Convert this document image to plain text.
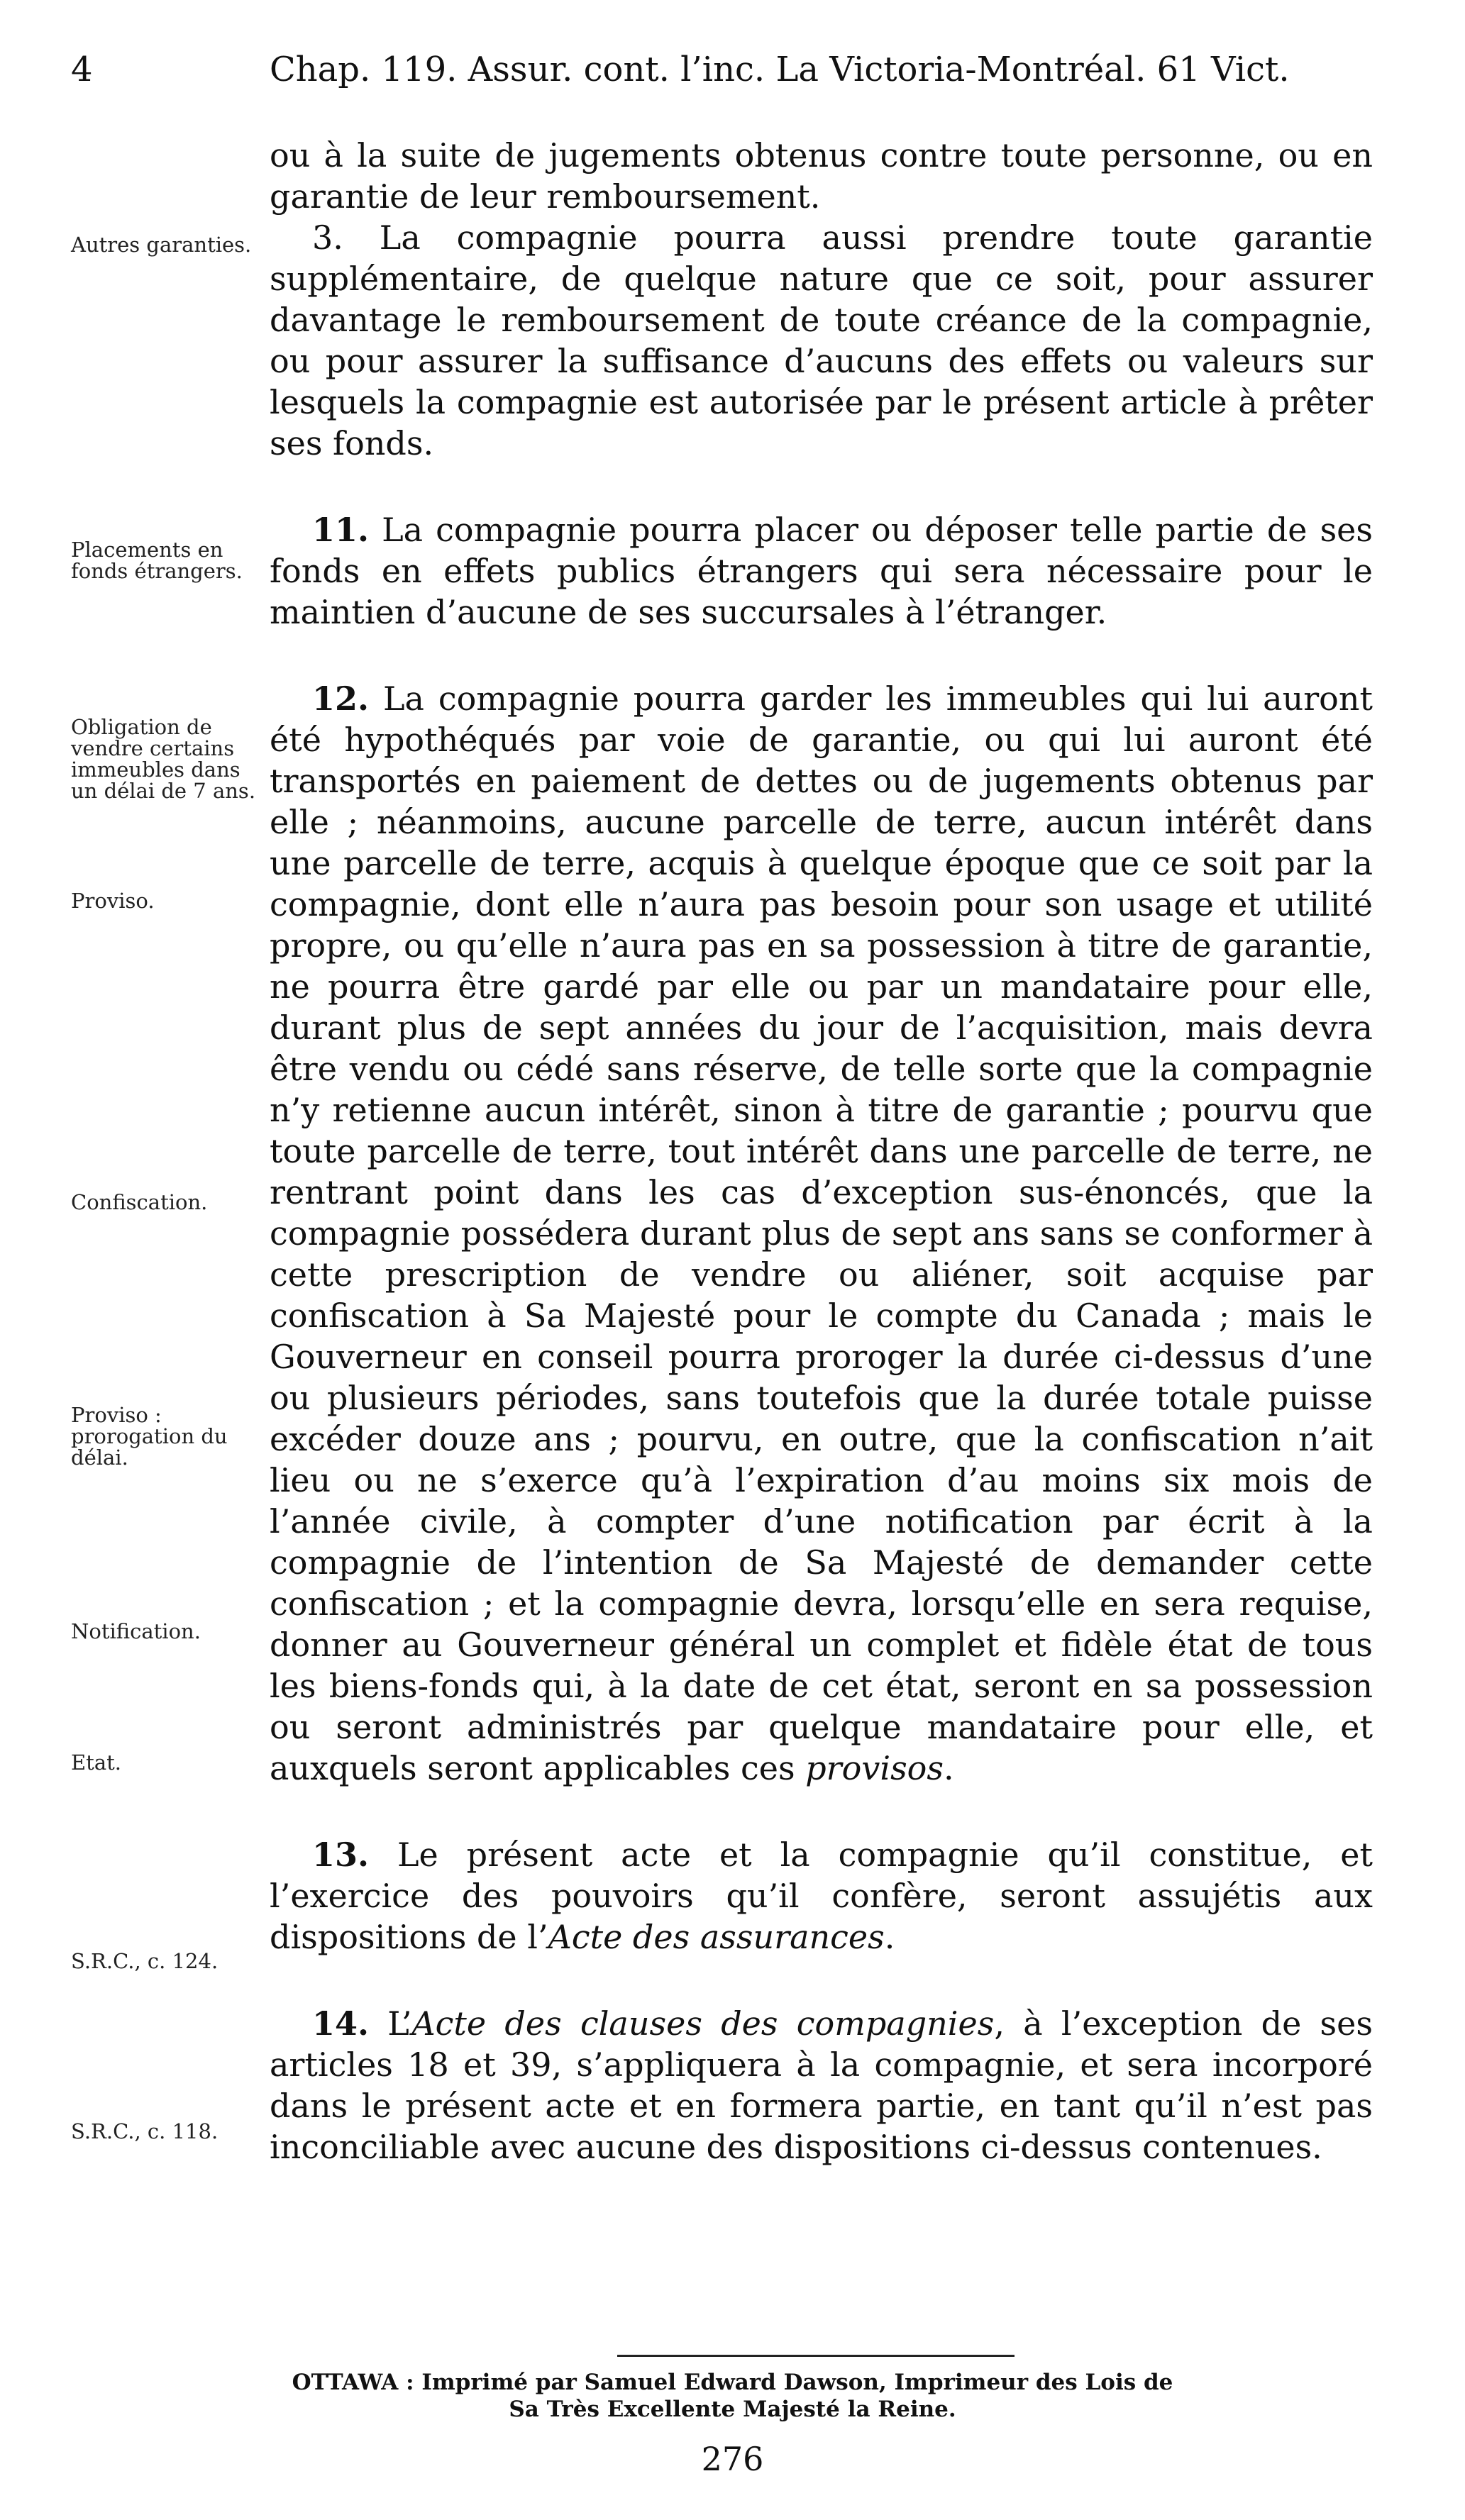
4	Chap. 119. Assur. cont. l’inc. La Victoria-Montréal. 61 Vict.
Autres garanties.
Placements en fonds étrangers.
Obligation de vendre certains immeubles dans un délai de 7 ans.
Proviso.
Confiscation.
Proviso : prorogation du délai.
Notification.
Etat.
S.R.C., c. 124.
S.R.C., c. 118.

ou à la suite de jugements obtenus contre toute personne, ou en garantie de leur remboursement.

3. La compagnie pourra aussi prendre toute garantie supplémentaire, de quelque nature que ce soit, pour assurer davantage le remboursement de toute créance de la compagnie, ou pour assurer la suffisance d’aucuns des effets ou valeurs sur lesquels la compagnie est autorisée par le présent article à prêter ses fonds.

11. La compagnie pourra placer ou déposer telle partie de ses fonds en effets publics étrangers qui sera nécessaire pour le maintien d’aucune de ses succursales à l’étranger.

12. La compagnie pourra garder les immeubles qui lui auront été hypothéqués par voie de garantie, ou qui lui auront été transportés en paiement de dettes ou de jugements obtenus par elle ; néanmoins, aucune parcelle de terre, aucun intérêt dans une parcelle de terre, acquis à quelque époque que ce soit par la compagnie, dont elle n’aura pas besoin pour son usage et utilité propre, ou qu’elle n’aura pas en sa possession à titre de garantie, ne pourra être gardé par elle ou par un mandataire pour elle, durant plus de sept années du jour de l’acquisition, mais devra être vendu ou cédé sans réserve, de telle sorte que la compagnie n’y retienne aucun intérêt, sinon à titre de garantie ; pourvu que toute parcelle de terre, tout intérêt dans une parcelle de terre, ne rentrant point dans les cas d’exception sus-énoncés, que la compagnie possédera durant plus de sept ans sans se conformer à cette prescription de vendre ou aliéner, soit acquise par confiscation à Sa Majesté pour le compte du Canada ; mais le Gouverneur en conseil pourra proroger la durée ci-dessus d’une ou plusieurs périodes, sans toutefois que la durée totale puisse excéder douze ans ; pourvu, en outre, que la confiscation n’ait lieu ou ne s’exerce qu’à l’expiration d’au moins six mois de l’année civile, à compter d’une notification par écrit à la compagnie de l’intention de Sa Majesté de demander cette confiscation ; et la compagnie devra, lorsqu’elle en sera requise, donner au Gouverneur général un complet et fidèle état de tous les biens-fonds qui, à la date de cet état, seront en sa possession ou seront administrés par quelque mandataire pour elle, et auxquels seront applicables ces provisos.

13. Le présent acte et la compagnie qu’il constitue, et l’exercice des pouvoirs qu’il confère, seront assujétis aux dispositions de l’Acte des assurances.

14. L’Acte des clauses des compagnies, à l’exception de ses articles 18 et 39, s’appliquera à la compagnie, et sera incorporé dans le présent acte et en formera partie, en tant qu’il n’est pas inconciliable avec aucune des dispositions ci-dessus contenues.

OTTAWA : Imprimé par Samuel Edward Dawson, Imprimeur des Lois de
Sa Très Excellente Majesté la Reine.
276
